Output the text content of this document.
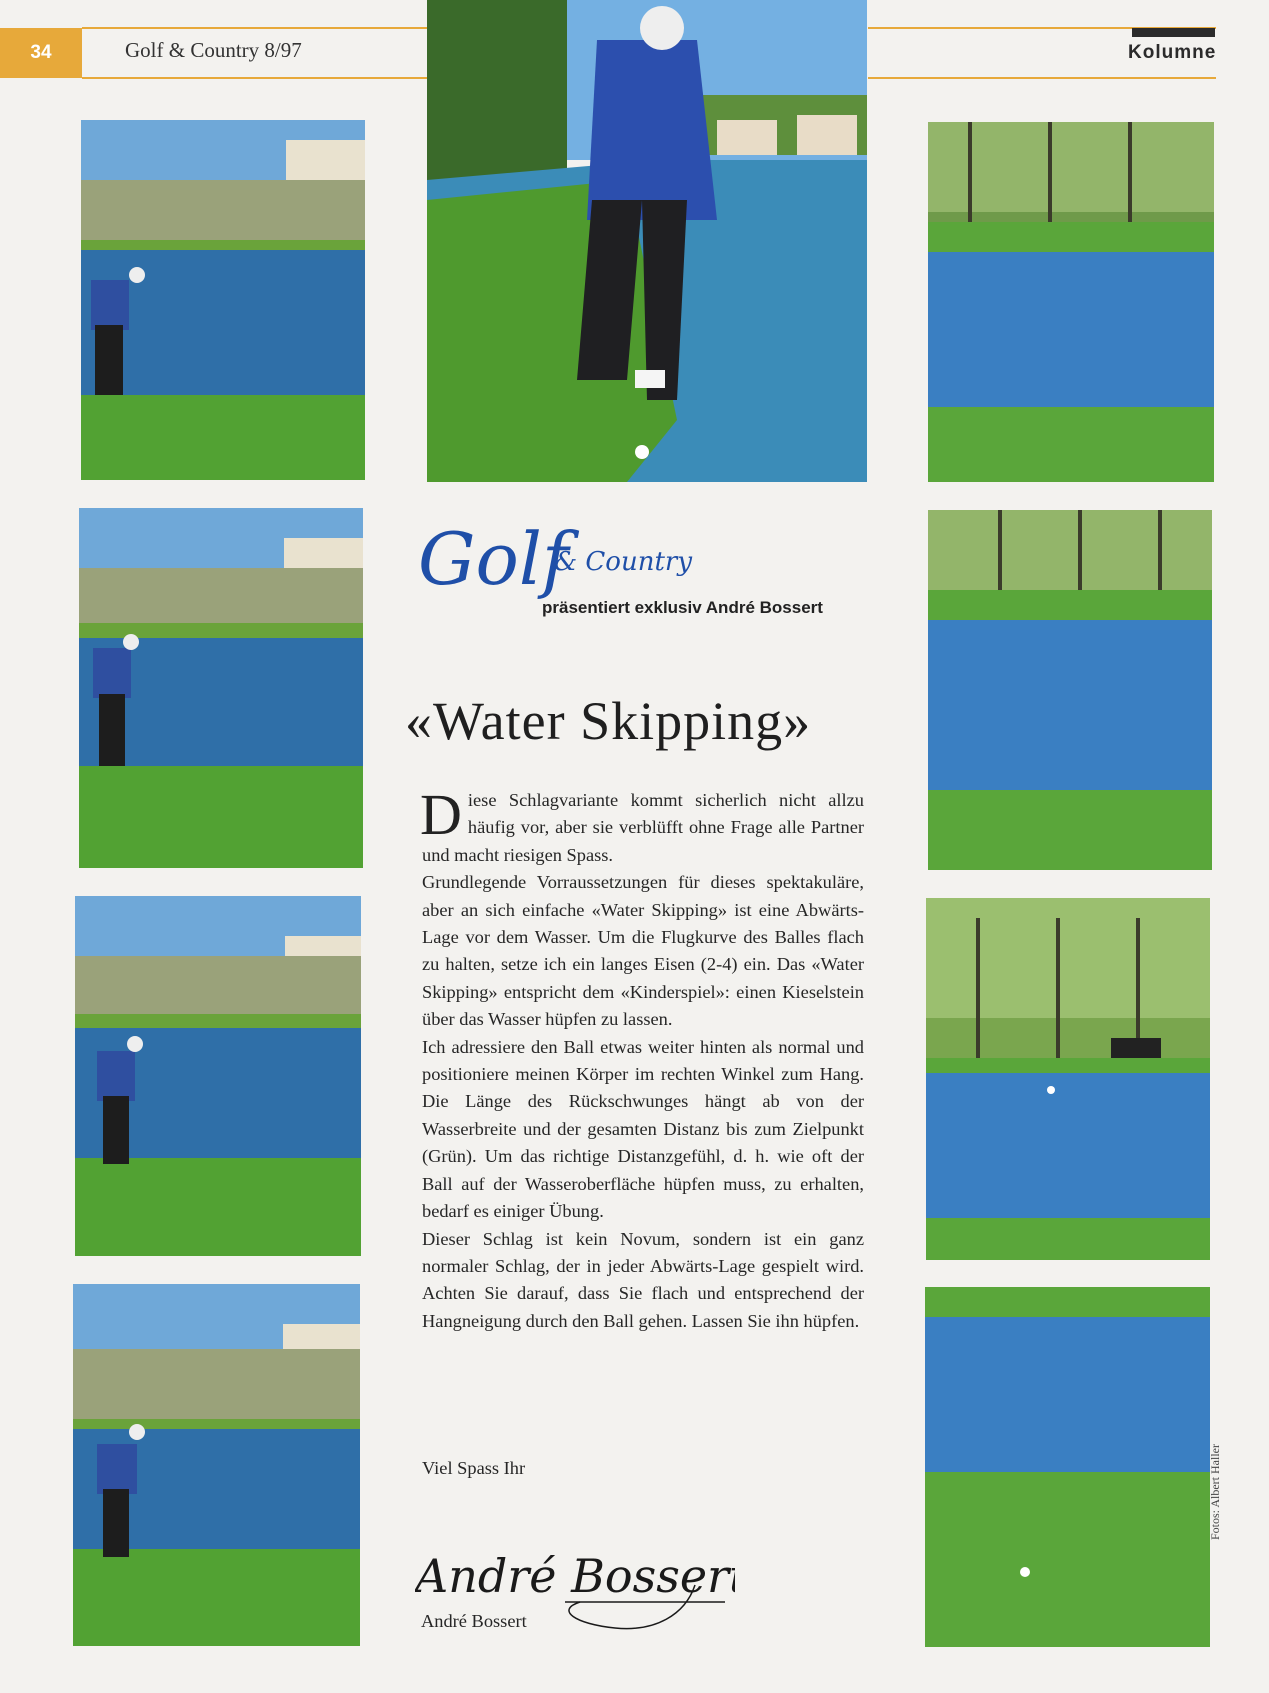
34	Golf & Country 8/97	Kolumne
Golf
& Country
präsentiert exklusiv André Bossert
«Water Skipping»

Diese Schlagvariante kommt sicherlich nicht allzu häufig vor, aber sie verblüfft ohne Frage alle Partner und macht riesigen Spass.

Grundlegende Vorraussetzungen für dieses spektakuläre, aber an sich einfache «Water Skipping» ist eine Abwärts-Lage vor dem Wasser. Um die Flugkurve des Balles flach zu halten, setze ich ein langes Eisen (2-4) ein. Das «Water Skipping» entspricht dem «Kinderspiel»: einen Kieselstein über das Wasser hüpfen zu lassen.

Ich adressiere den Ball etwas weiter hinten als normal und positioniere meinen Körper im rechten Winkel zum Hang. Die Länge des Rückschwunges hängt ab von der Wasserbreite und der gesamten Distanz bis zum Zielpunkt (Grün). Um das richtige Distanzgefühl, d. h. wie oft der Ball auf der Wasseroberfläche hüpfen muss, zu erhalten, bedarf es einiger Übung.

Dieser Schlag ist kein Novum, sondern ist ein ganz normaler Schlag, der in jeder Abwärts-Lage gespielt wird. Achten Sie darauf, dass Sie flach und entsprechend der Hangneigung durch den Ball gehen. Lassen Sie ihn hüpfen.

Viel Spass Ihr
André Bossert
André Bossert
Fotos: Albert Haller
